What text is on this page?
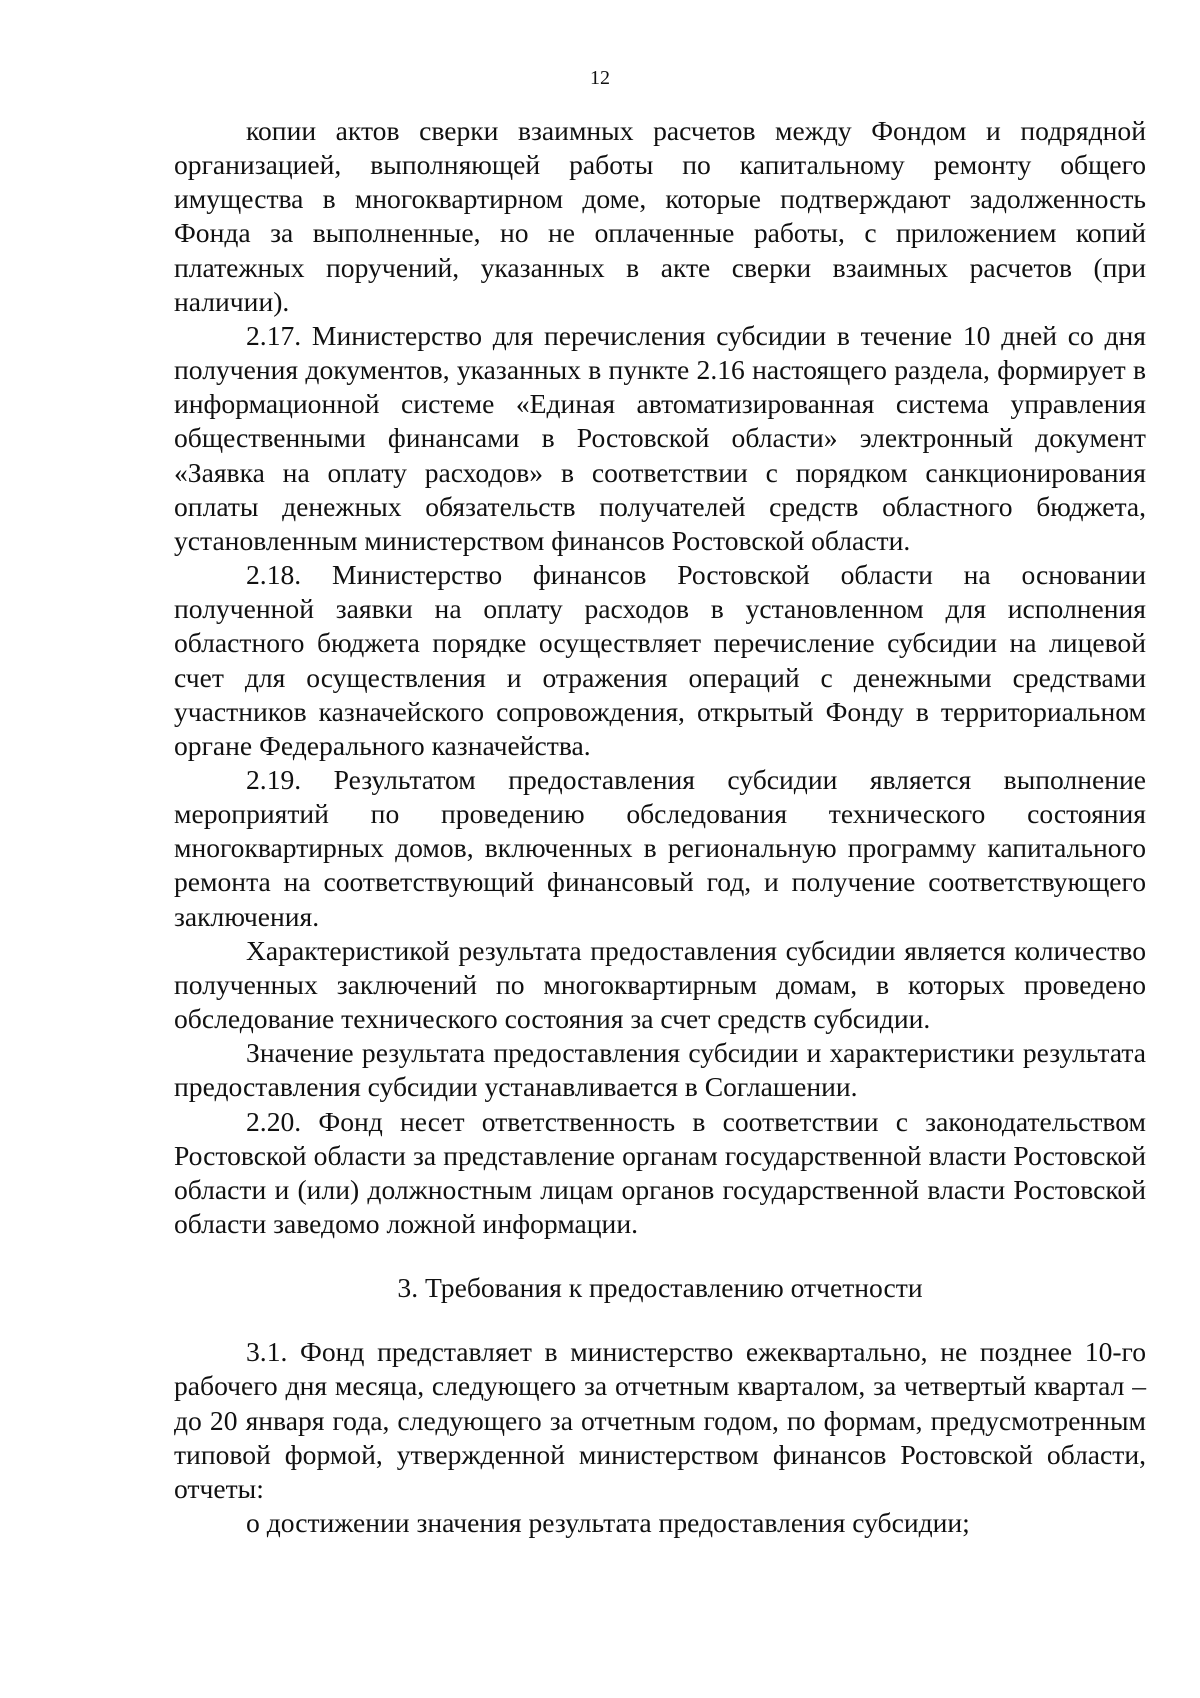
12

копии актов сверки взаимных расчетов между Фондом и подрядной организацией, выполняющей работы по капитальному ремонту общего имущества в многоквартирном доме, которые подтверждают задолженность Фонда за выполненные, но не оплаченные работы, с приложением копий платежных поручений, указанных в акте сверки взаимных расчетов (при наличии).

2.17. Министерство для перечисления субсидии в течение 10 дней со дня получения документов, указанных в пункте 2.16 настоящего раздела, формирует в информационной системе «Единая автоматизированная система управления общественными финансами в Ростовской области» электронный документ «Заявка на оплату расходов» в соответствии с порядком санкционирования оплаты денежных обязательств получателей средств областного бюджета, установленным министерством финансов Ростовской области.

2.18. Министерство финансов Ростовской области на основании полученной заявки на оплату расходов в установленном для исполнения областного бюджета порядке осуществляет перечисление субсидии на лицевой счет для осуществления и отражения операций с денежными средствами участников казначейского сопровождения, открытый Фонду в территориальном органе Федерального казначейства.

2.19. Результатом предоставления субсидии является выполнение мероприятий по проведению обследования технического состояния многоквартирных домов, включенных в региональную программу капитального ремонта на соответствующий финансовый год, и получение соответствующего заключения.

Характеристикой результата предоставления субсидии является количество полученных заключений по многоквартирным домам, в которых проведено обследование технического состояния за счет средств субсидии.

Значение результата предоставления субсидии и характеристики результата предоставления субсидии устанавливается в Соглашении.

2.20. Фонд несет ответственность в соответствии с законодательством Ростовской области за представление органам государственной власти Ростовской области и (или) должностным лицам органов государственной власти Ростовской области заведомо ложной информации.

3. Требования к предоставлению отчетности

3.1. Фонд представляет в министерство ежеквартально, не позднее 10-го рабочего дня месяца, следующего за отчетным кварталом, за четвертый квартал – до 20 января года, следующего за отчетным годом, по формам, предусмотренным типовой формой, утвержденной министерством финансов Ростовской области, отчеты:

о достижении значения результата предоставления субсидии;
